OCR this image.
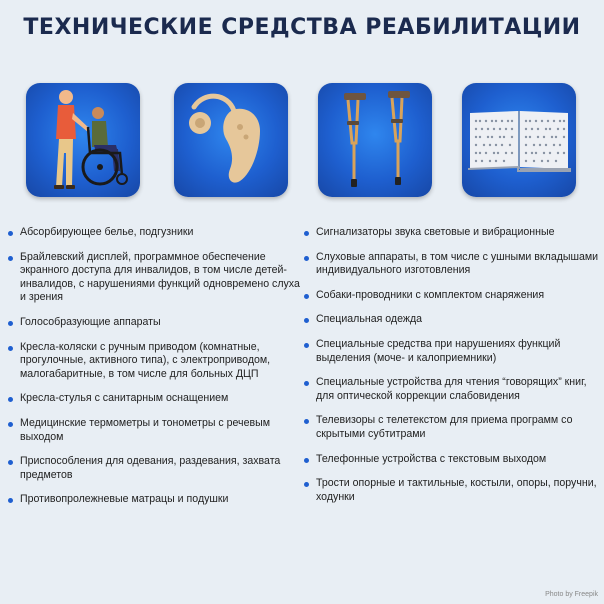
ТЕХНИЧЕСКИЕ СРЕДСТВА РЕАБИЛИТАЦИИ
Абсорбирующее белье, подгузники
Брайлевский дисплей, программное обеспечение экранного доступа для инвалидов, в том числе детей-инвалидов, с нарушениями функций одновремено слуха и зрения
Голособразующие аппараты
Кресла-коляски с ручным приводом (комнатные, прогулочные, активного типа), с электроприводом, малогабаритные, в том числе для больных ДЦП
Кресла-стулья с санитарным оснащением
Медицинские термометры и тонометры с речевым выходом
Приспособления для одевания, раздевания, захвата предметов
Противопролежневые матрацы и подушки
Сигнализаторы звука световые и вибрационные
Слуховые аппараты, в том числе с ушными вкладышами индивидуального изготовления
Собаки-проводники с комплектом снаряжения
Специальная одежда
Специальные средства при нарушениях функций выделения (моче- и калоприемники)
Специальные устройства для чтения “говорящих” книг, для оптической коррекции слабовидения
Телевизоры с телетекстом для приема программ со скрытыми субтитрами
Телефонные устройства с текстовым выходом
Трости опорные и тактильные, костыли, опоры, поручни, ходунки
Photo by Freepik
